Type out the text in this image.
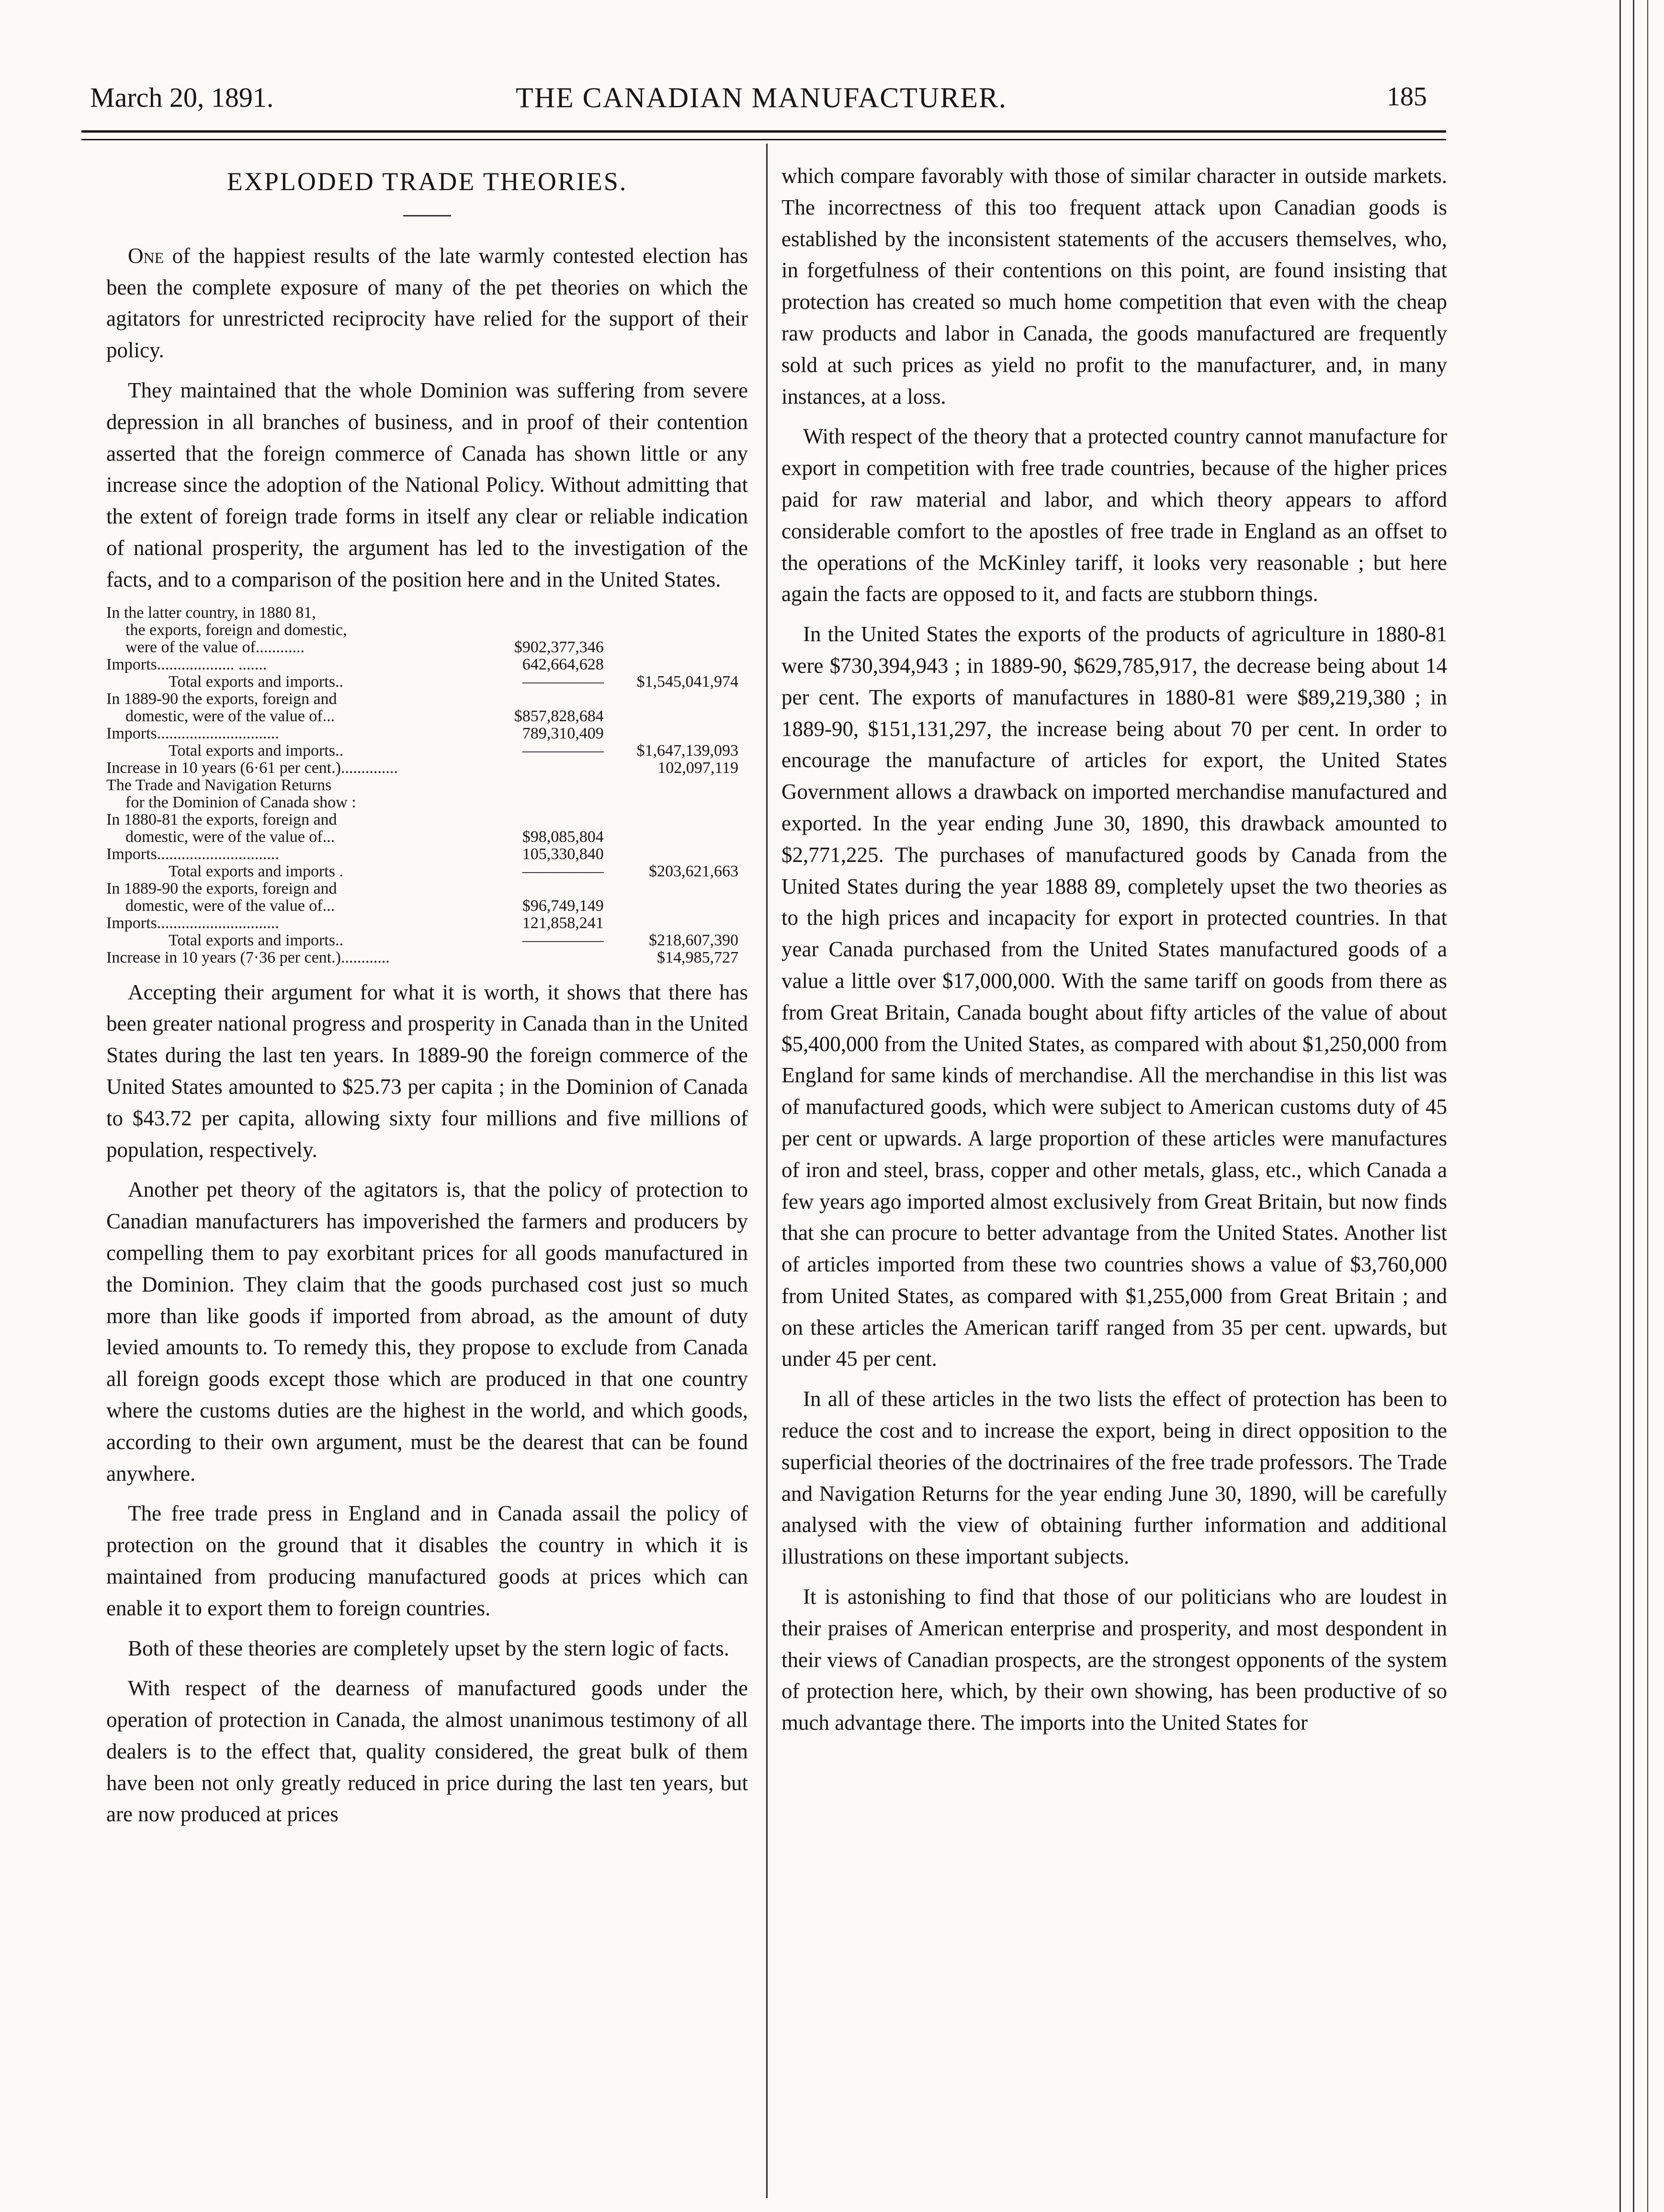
March 20, 1891.	THE CANADIAN MANUFACTURER.	185

EXPLODED TRADE THEORIES.

One of the happiest results of the late warmly contested election has been the complete exposure of many of the pet theories on which the agitators for unrestricted reciprocity have relied for the support of their policy.

They maintained that the whole Dominion was suffering from severe depression in all branches of business, and in proof of their contention asserted that the foreign commerce of Canada has shown little or any increase since the adoption of the National Policy. Without admitting that the extent of foreign trade forms in itself any clear or reliable indication of national prosperity, the argument has led to the investigation of the facts, and to a comparison of the position here and in the United States.

In the latter country, in 1880 81,		
the exports, foreign and domestic,		
were of the value of............	$902,377,346	
Imports................... .......	642,664,628	
Total exports and imports..	—————	$1,545,041,974
In 1889-90 the exports, foreign and		
domestic, were of the value of...	$857,828,684	
Imports..............................	789,310,409	
Total exports and imports..	—————	$1,647,139,093
Increase in 10 years (6·61 per cent.)..............		102,097,119
The Trade and Navigation Returns		
for the Dominion of Canada show :		
In 1880-81 the exports, foreign and		
domestic, were of the value of...	$98,085,804	
Imports..............................	105,330,840	
Total exports and imports .	—————	$203,621,663
In 1889-90 the exports, foreign and		
domestic, were of the value of...	$96,749,149	
Imports..............................	121,858,241	
Total exports and imports..	—————	$218,607,390
Increase in 10 years (7·36 per cent.)............		$14,985,727

Accepting their argument for what it is worth, it shows that there has been greater national progress and prosperity in Canada than in the United States during the last ten years. In 1889-90 the foreign commerce of the United States amounted to $25.73 per capita ; in the Dominion of Canada to $43.72 per capita, allowing sixty four millions and five millions of population, respectively.

Another pet theory of the agitators is, that the policy of protection to Canadian manufacturers has impoverished the farmers and producers by compelling them to pay exorbitant prices for all goods manufactured in the Dominion. They claim that the goods purchased cost just so much more than like goods if imported from abroad, as the amount of duty levied amounts to. To remedy this, they propose to exclude from Canada all foreign goods except those which are produced in that one country where the customs duties are the highest in the world, and which goods, according to their own argument, must be the dearest that can be found anywhere.

The free trade press in England and in Canada assail the policy of protection on the ground that it disables the country in which it is maintained from producing manufactured goods at prices which can enable it to export them to foreign countries.

Both of these theories are completely upset by the stern logic of facts.

With respect of the dearness of manufactured goods under the operation of protection in Canada, the almost unanimous testimony of all dealers is to the effect that, quality considered, the great bulk of them have been not only greatly reduced in price during the last ten years, but are now produced at prices

which compare favorably with those of similar character in outside markets. The incorrectness of this too frequent attack upon Canadian goods is established by the inconsistent statements of the accusers themselves, who, in forgetfulness of their contentions on this point, are found insisting that protection has created so much home competition that even with the cheap raw products and labor in Canada, the goods manufactured are frequently sold at such prices as yield no profit to the manufacturer, and, in many instances, at a loss.

With respect of the theory that a protected country cannot manufacture for export in competition with free trade countries, because of the higher prices paid for raw material and labor, and which theory appears to afford considerable comfort to the apostles of free trade in England as an offset to the operations of the McKinley tariff, it looks very reasonable ; but here again the facts are opposed to it, and facts are stubborn things.

In the United States the exports of the products of agriculture in 1880-81 were $730,394,943 ; in 1889-90, $629,785,917, the decrease being about 14 per cent. The exports of manufactures in 1880-81 were $89,219,380 ; in 1889-90, $151,131,297, the increase being about 70 per cent. In order to encourage the manufacture of articles for export, the United States Government allows a drawback on imported merchandise manufactured and exported. In the year ending June 30, 1890, this drawback amounted to $2,771,225. The purchases of manufactured goods by Canada from the United States during the year 1888 89, completely upset the two theories as to the high prices and incapacity for export in protected countries. In that year Canada purchased from the United States manufactured goods of a value a little over $17,000,000. With the same tariff on goods from there as from Great Britain, Canada bought about fifty articles of the value of about $5,400,000 from the United States, as compared with about $1,250,000 from England for same kinds of merchandise. All the merchandise in this list was of manufactured goods, which were subject to American customs duty of 45 per cent or upwards. A large proportion of these articles were manufactures of iron and steel, brass, copper and other metals, glass, etc., which Canada a few years ago imported almost exclusively from Great Britain, but now finds that she can procure to better advantage from the United States. Another list of articles imported from these two countries shows a value of $3,760,000 from United States, as compared with $1,255,000 from Great Britain ; and on these articles the American tariff ranged from 35 per cent. upwards, but under 45 per cent.

In all of these articles in the two lists the effect of protection has been to reduce the cost and to increase the export, being in direct opposition to the superficial theories of the doctrinaires of the free trade professors. The Trade and Navigation Returns for the year ending June 30, 1890, will be carefully analysed with the view of obtaining further information and additional illustrations on these important subjects.

It is astonishing to find that those of our politicians who are loudest in their praises of American enterprise and prosperity, and most despondent in their views of Canadian prospects, are the strongest opponents of the system of protection here, which, by their own showing, has been productive of so much advantage there. The imports into the United States for
